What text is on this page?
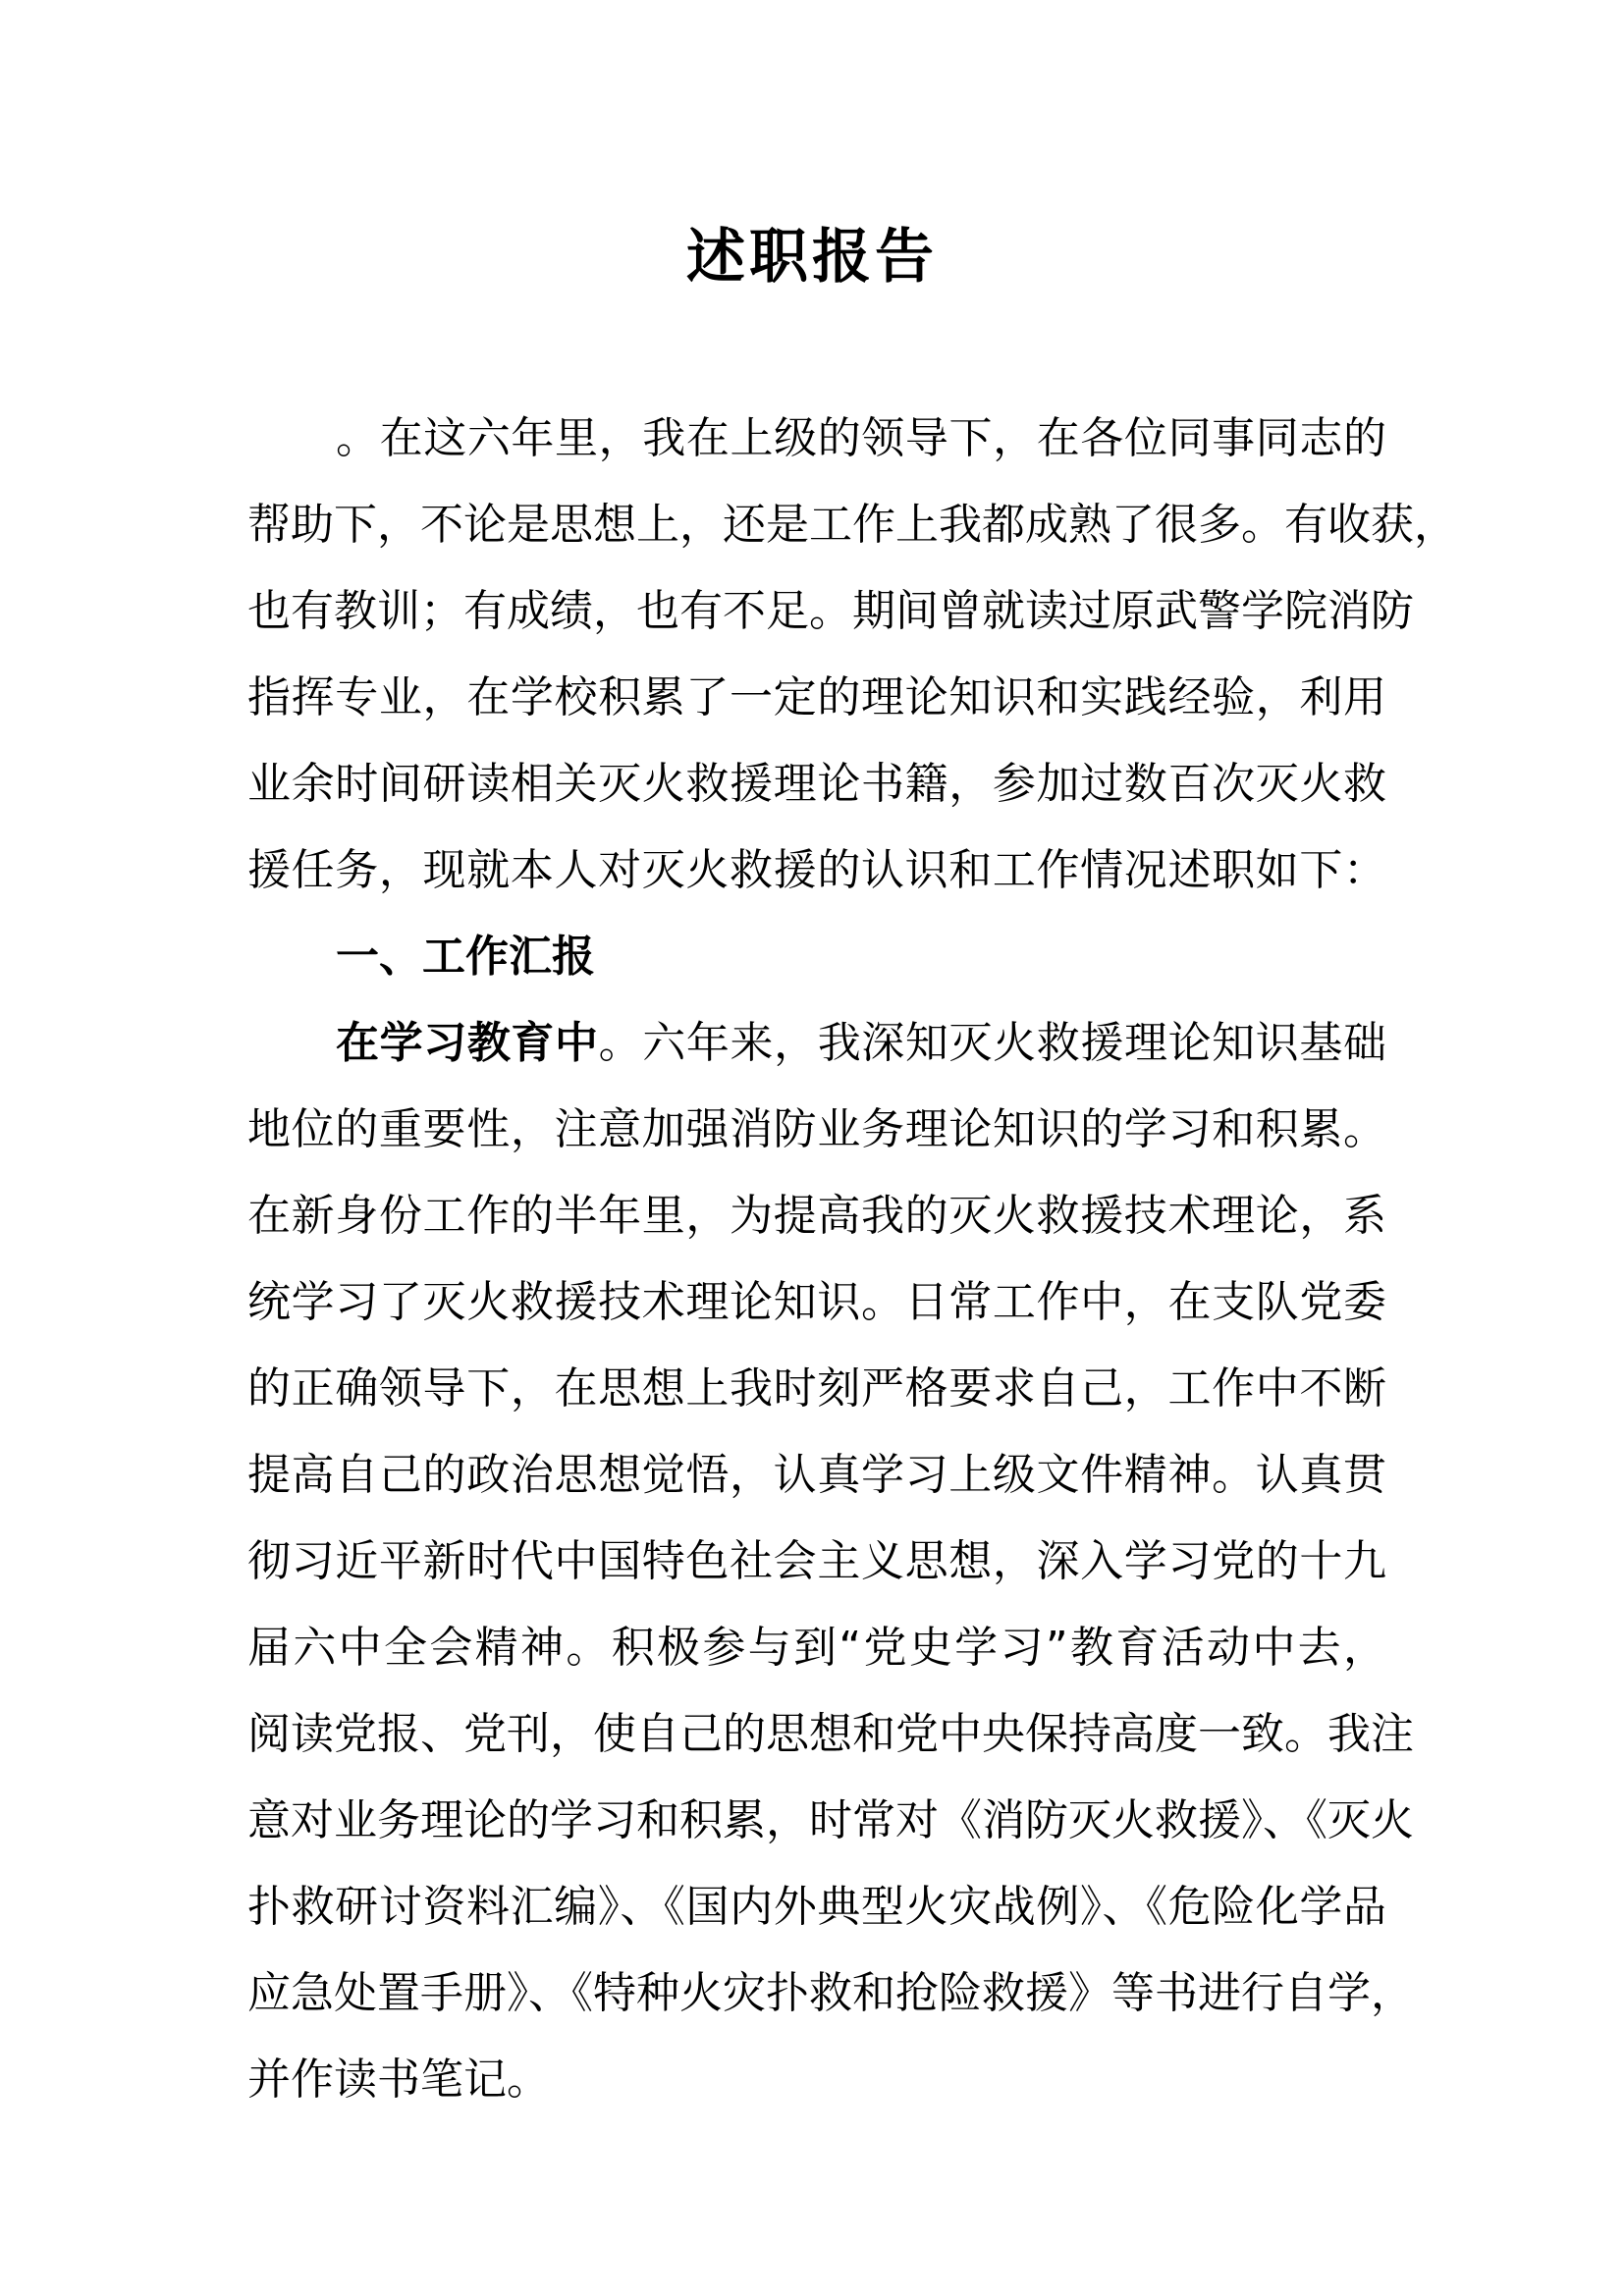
述职报告
。在这六年里，我在上级的领导下，在各位同事同志的
帮助下，不论是思想上，还是工作上我都成熟了很多。有收获，
也有教训；有成绩，也有不足。期间曾就读过原武警学院消防
指挥专业，在学校积累了一定的理论知识和实践经验，利用
业余时间研读相关灭火救援理论书籍，参加过数百次灭火救
援任务，现就本人对灭火救援的认识和工作情况述职如下：
一、工作汇报
在学习教育中。六年来，我深知灭火救援理论知识基础
地位的重要性，注意加强消防业务理论知识的学习和积累。
在新身份工作的半年里，为提高我的灭火救援技术理论，系
统学习了灭火救援技术理论知识。日常工作中，在支队党委
的正确领导下，在思想上我时刻严格要求自己，工作中不断
提高自己的政治思想觉悟，认真学习上级文件精神。认真贯
彻习近平新时代中国特色社会主义思想，深入学习党的十九
届六中全会精神。积极参与到“党史学习”教育活动中去，
阅读党报、党刊，使自己的思想和党中央保持高度一致。我注
意对业务理论的学习和积累，时常对《消防灭火救援》、《灭火
扑救研讨资料汇编》、《国内外典型火灾战例》、《危险化学品
应急处置手册》、《特种火灾扑救和抢险救援》等书进行自学，
并作读书笔记。
